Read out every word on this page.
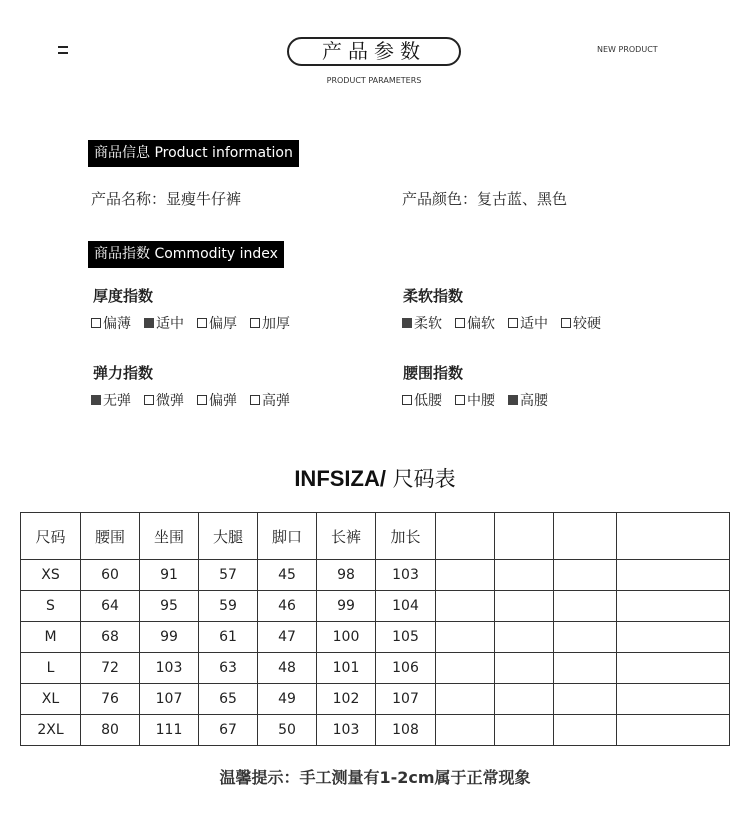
产品参数
PRODUCT PARAMETERS
NEW PRODUCT
商品信息 Product information
产品名称：显瘦牛仔裤	产品颜色：复古蓝、黑色
商品指数 Commodity index
厚度指数
偏薄 适中 偏厚 加厚
柔软指数
柔软 偏软 适中 较硬
弹力指数
无弹 微弹 偏弹 高弹
腰围指数
低腰 中腰 高腰
INFSIZA/ 尺码表
尺码	腰围	坐围	大腿	脚口	长裤	加长				
XS	60	91	57	45	98	103				
S	64	95	59	46	99	104				
M	68	99	61	47	100	105				
L	72	103	63	48	101	106				
XL	76	107	65	49	102	107				
2XL	80	111	67	50	103	108				
温馨提示：手工测量有1-2cm属于正常现象
